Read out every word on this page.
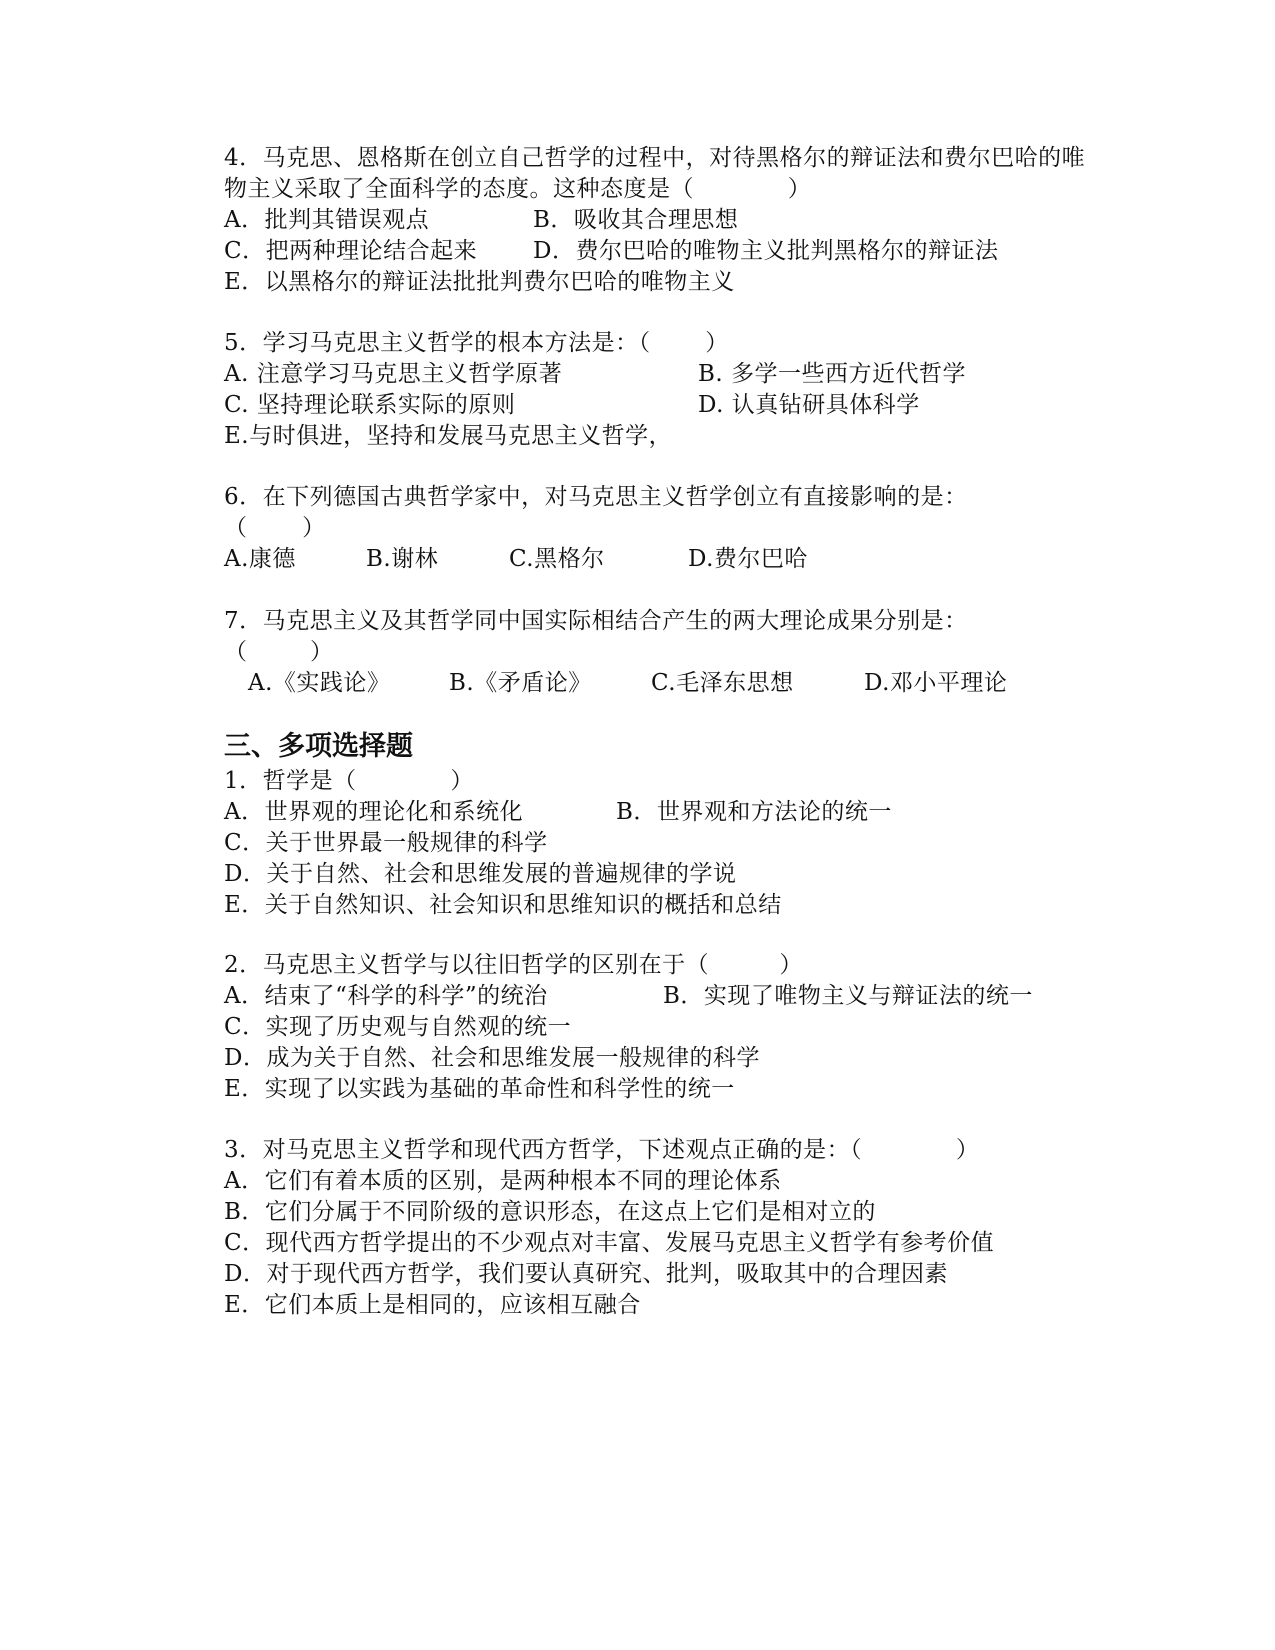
4．马克思、恩格斯在创立自己哲学的过程中，对待黑格尔的辩证法和费尔巴哈的唯
物主义采取了全面科学的态度。这种态度是（            ）
A．批判其错误观点	B．吸收其合理思想
C．把两种理论结合起来 D．费尔巴哈的唯物主义批判黑格尔的辩证法
E．以黑格尔的辩证法批批判费尔巴哈的唯物主义
5．学习马克思主义哲学的根本方法是：（       ）
A. 注意学习马克思主义哲学原著	B. 多学一些西方近代哲学
C. 坚持理论联系实际的原则	D. 认真钻研具体科学
E.与时俱进，坚持和发展马克思主义哲学，
6．在下列德国古典哲学家中，对马克思主义哲学创立有直接影响的是：
（       ）
A.康德	B.谢林	C.黑格尔	D.费尔巴哈
7．马克思主义及其哲学同中国实际相结合产生的两大理论成果分别是：
（        ）
A.《实践论》	B.《矛盾论》	C.毛泽东思想	D.邓小平理论
三、多项选择题
1．哲学是（            ）
A．世界观的理论化和系统化	B．世界观和方法论的统一
C．关于世界最一般规律的科学
D．关于自然、社会和思维发展的普遍规律的学说
E．关于自然知识、社会知识和思维知识的概括和总结
2．马克思主义哲学与以往旧哲学的区别在于（         ）
A．结束了“科学的科学”的统治	B．实现了唯物主义与辩证法的统一
C．实现了历史观与自然观的统一
D．成为关于自然、社会和思维发展一般规律的科学
E．实现了以实践为基础的革命性和科学性的统一
3．对马克思主义哲学和现代西方哲学，下述观点正确的是：（            ）
A．它们有着本质的区别，是两种根本不同的理论体系
B．它们分属于不同阶级的意识形态，在这点上它们是相对立的
C．现代西方哲学提出的不少观点对丰富、发展马克思主义哲学有参考价值
D．对于现代西方哲学，我们要认真研究、批判，吸取其中的合理因素
E．它们本质上是相同的，应该相互融合
